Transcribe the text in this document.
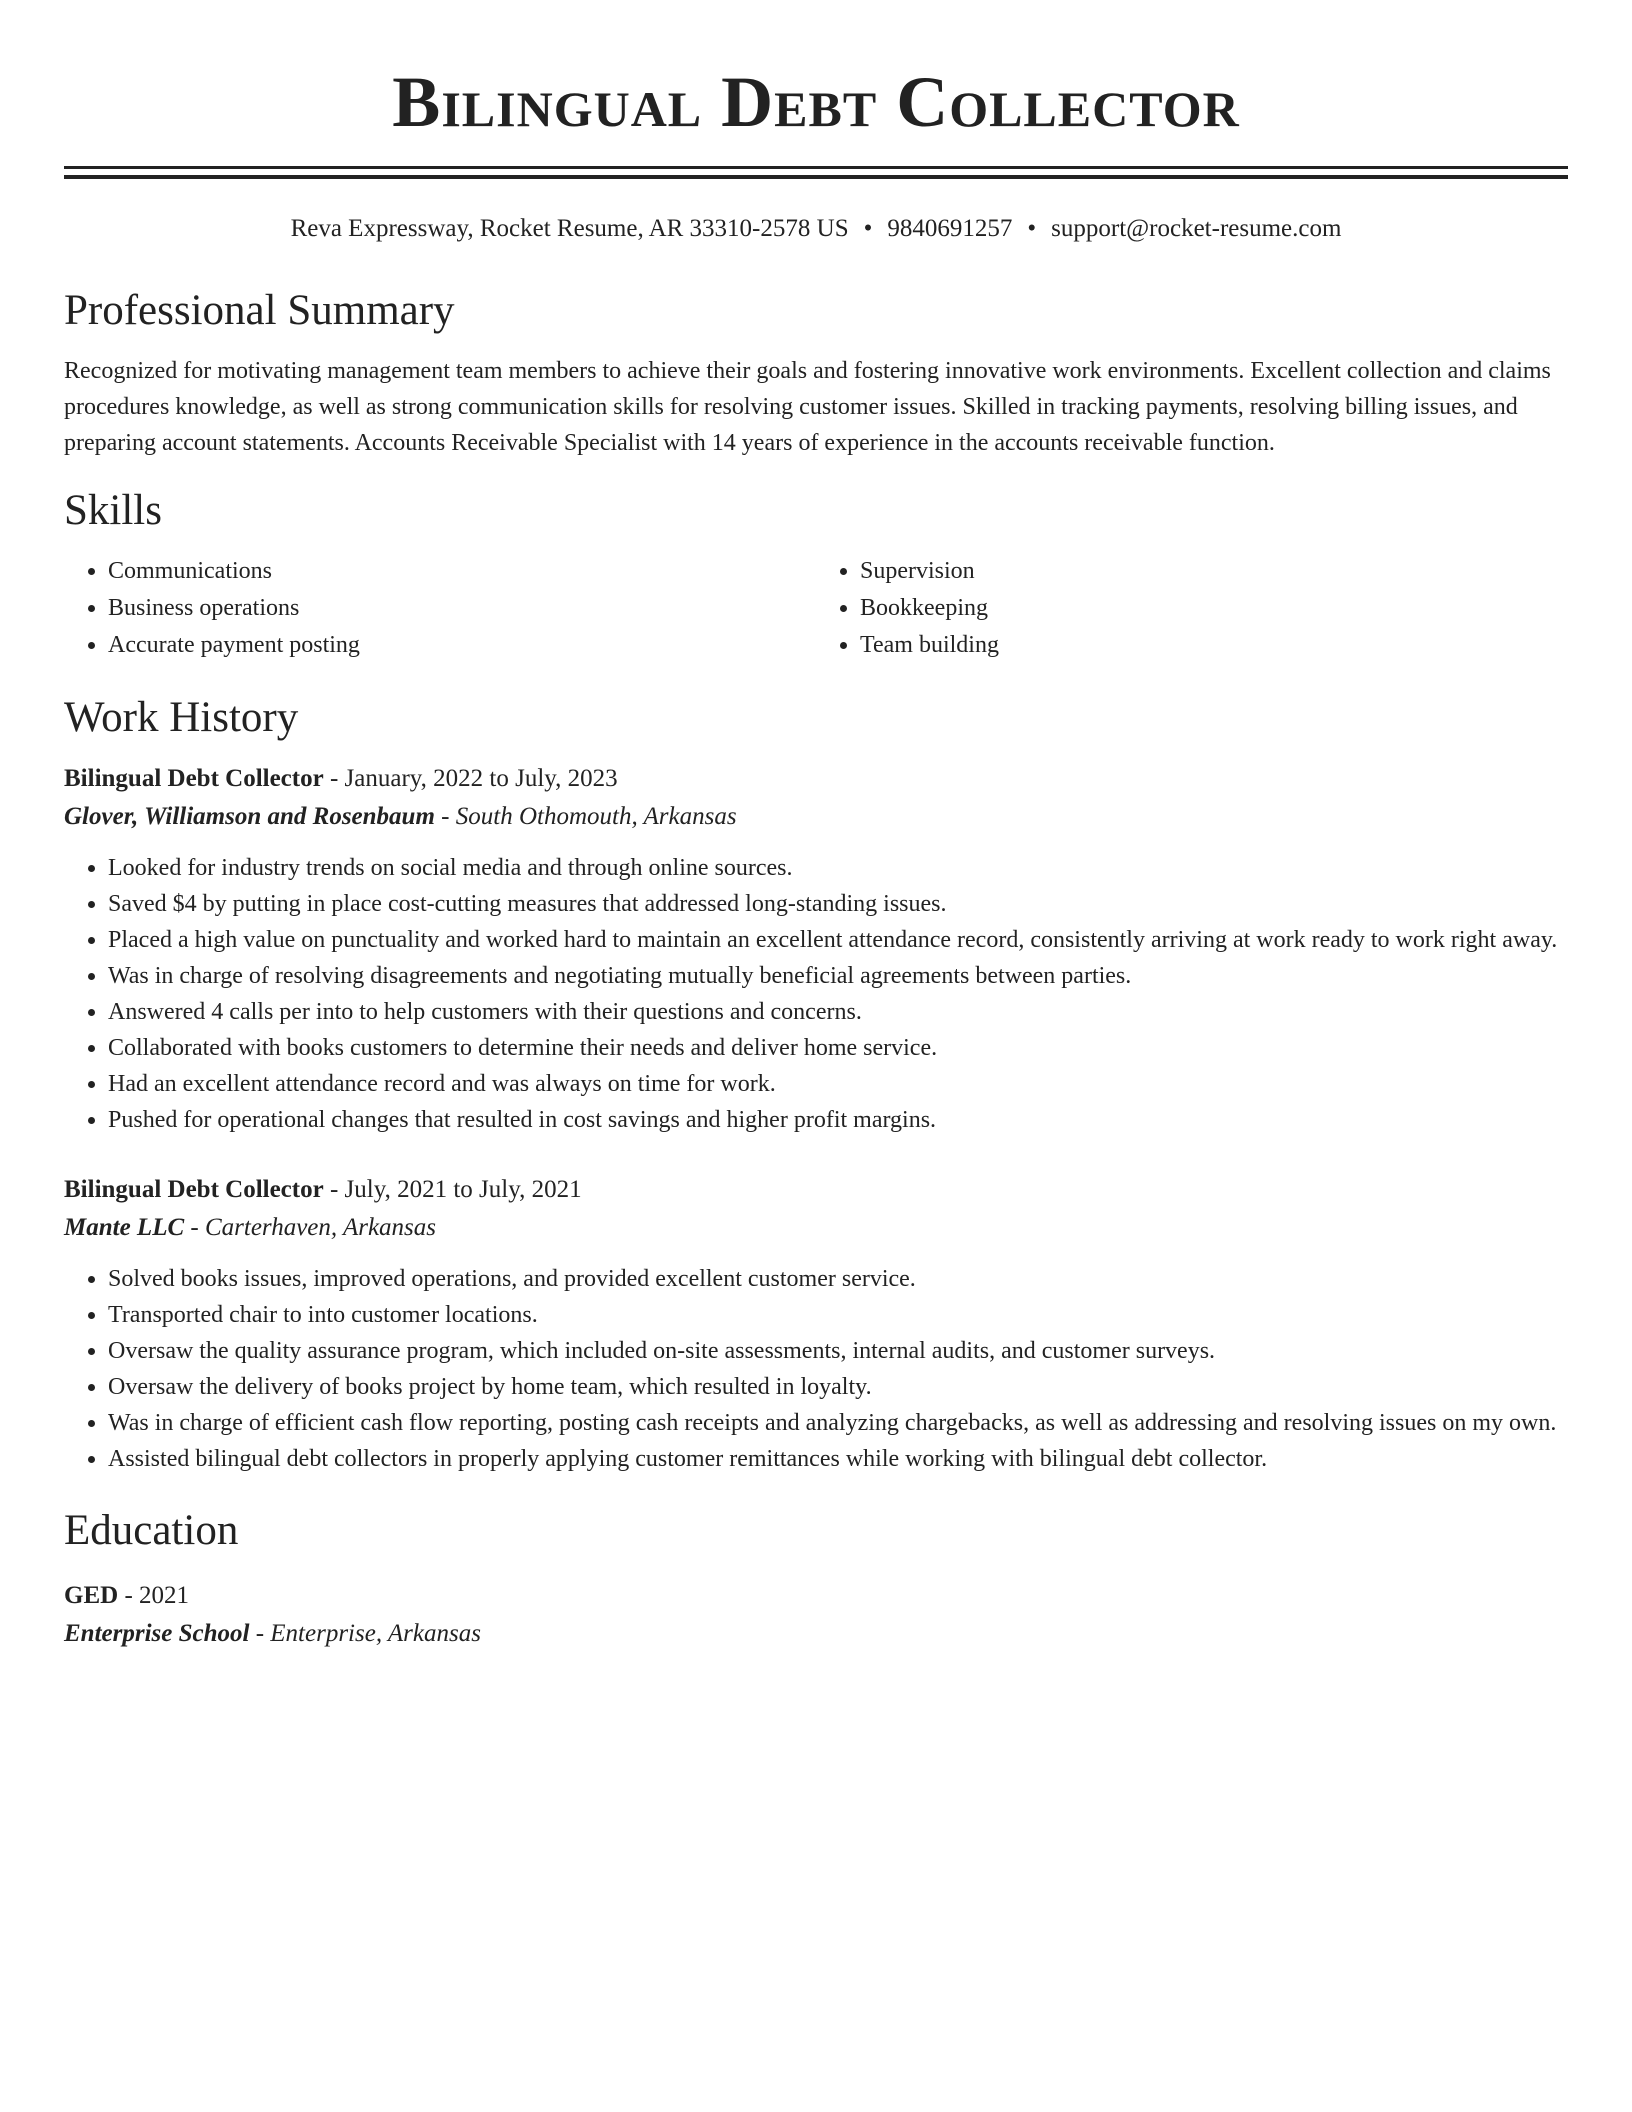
Bilingual Debt Collector
Reva Expressway, Rocket Resume, AR 33310-2578 US • 9840691257 • support@rocket-resume.com
Professional Summary

Recognized for motivating management team members to achieve their goals and fostering innovative work environments. Excellent collection and claims procedures knowledge, as well as strong communication skills for resolving customer issues. Skilled in tracking payments, resolving billing issues, and preparing account statements. Accounts Receivable Specialist with 14 years of experience in the accounts receivable function.

Skills
• Communications
• Business operations
• Accurate payment posting
• Supervision
• Bookkeeping
• Team building
Work History
Bilingual Debt Collector - January, 2022 to July, 2023
Glover, Williamson and Rosenbaum - South Othomouth, Arkansas
• Looked for industry trends on social media and through online sources.
• Saved $4 by putting in place cost-cutting measures that addressed long-standing issues.
• Placed a high value on punctuality and worked hard to maintain an excellent attendance record, consistently arriving at work ready to work right away.
• Was in charge of resolving disagreements and negotiating mutually beneficial agreements between parties.
• Answered 4 calls per into to help customers with their questions and concerns.
• Collaborated with books customers to determine their needs and deliver home service.
• Had an excellent attendance record and was always on time for work.
• Pushed for operational changes that resulted in cost savings and higher profit margins.
Bilingual Debt Collector - July, 2021 to July, 2021
Mante LLC - Carterhaven, Arkansas
• Solved books issues, improved operations, and provided excellent customer service.
• Transported chair to into customer locations.
• Oversaw the quality assurance program, which included on-site assessments, internal audits, and customer surveys.
• Oversaw the delivery of books project by home team, which resulted in loyalty.
• Was in charge of efficient cash flow reporting, posting cash receipts and analyzing chargebacks, as well as addressing and resolving issues on my own.
• Assisted bilingual debt collectors in properly applying customer remittances while working with bilingual debt collector.
Education
GED - 2021
Enterprise School - Enterprise, Arkansas
